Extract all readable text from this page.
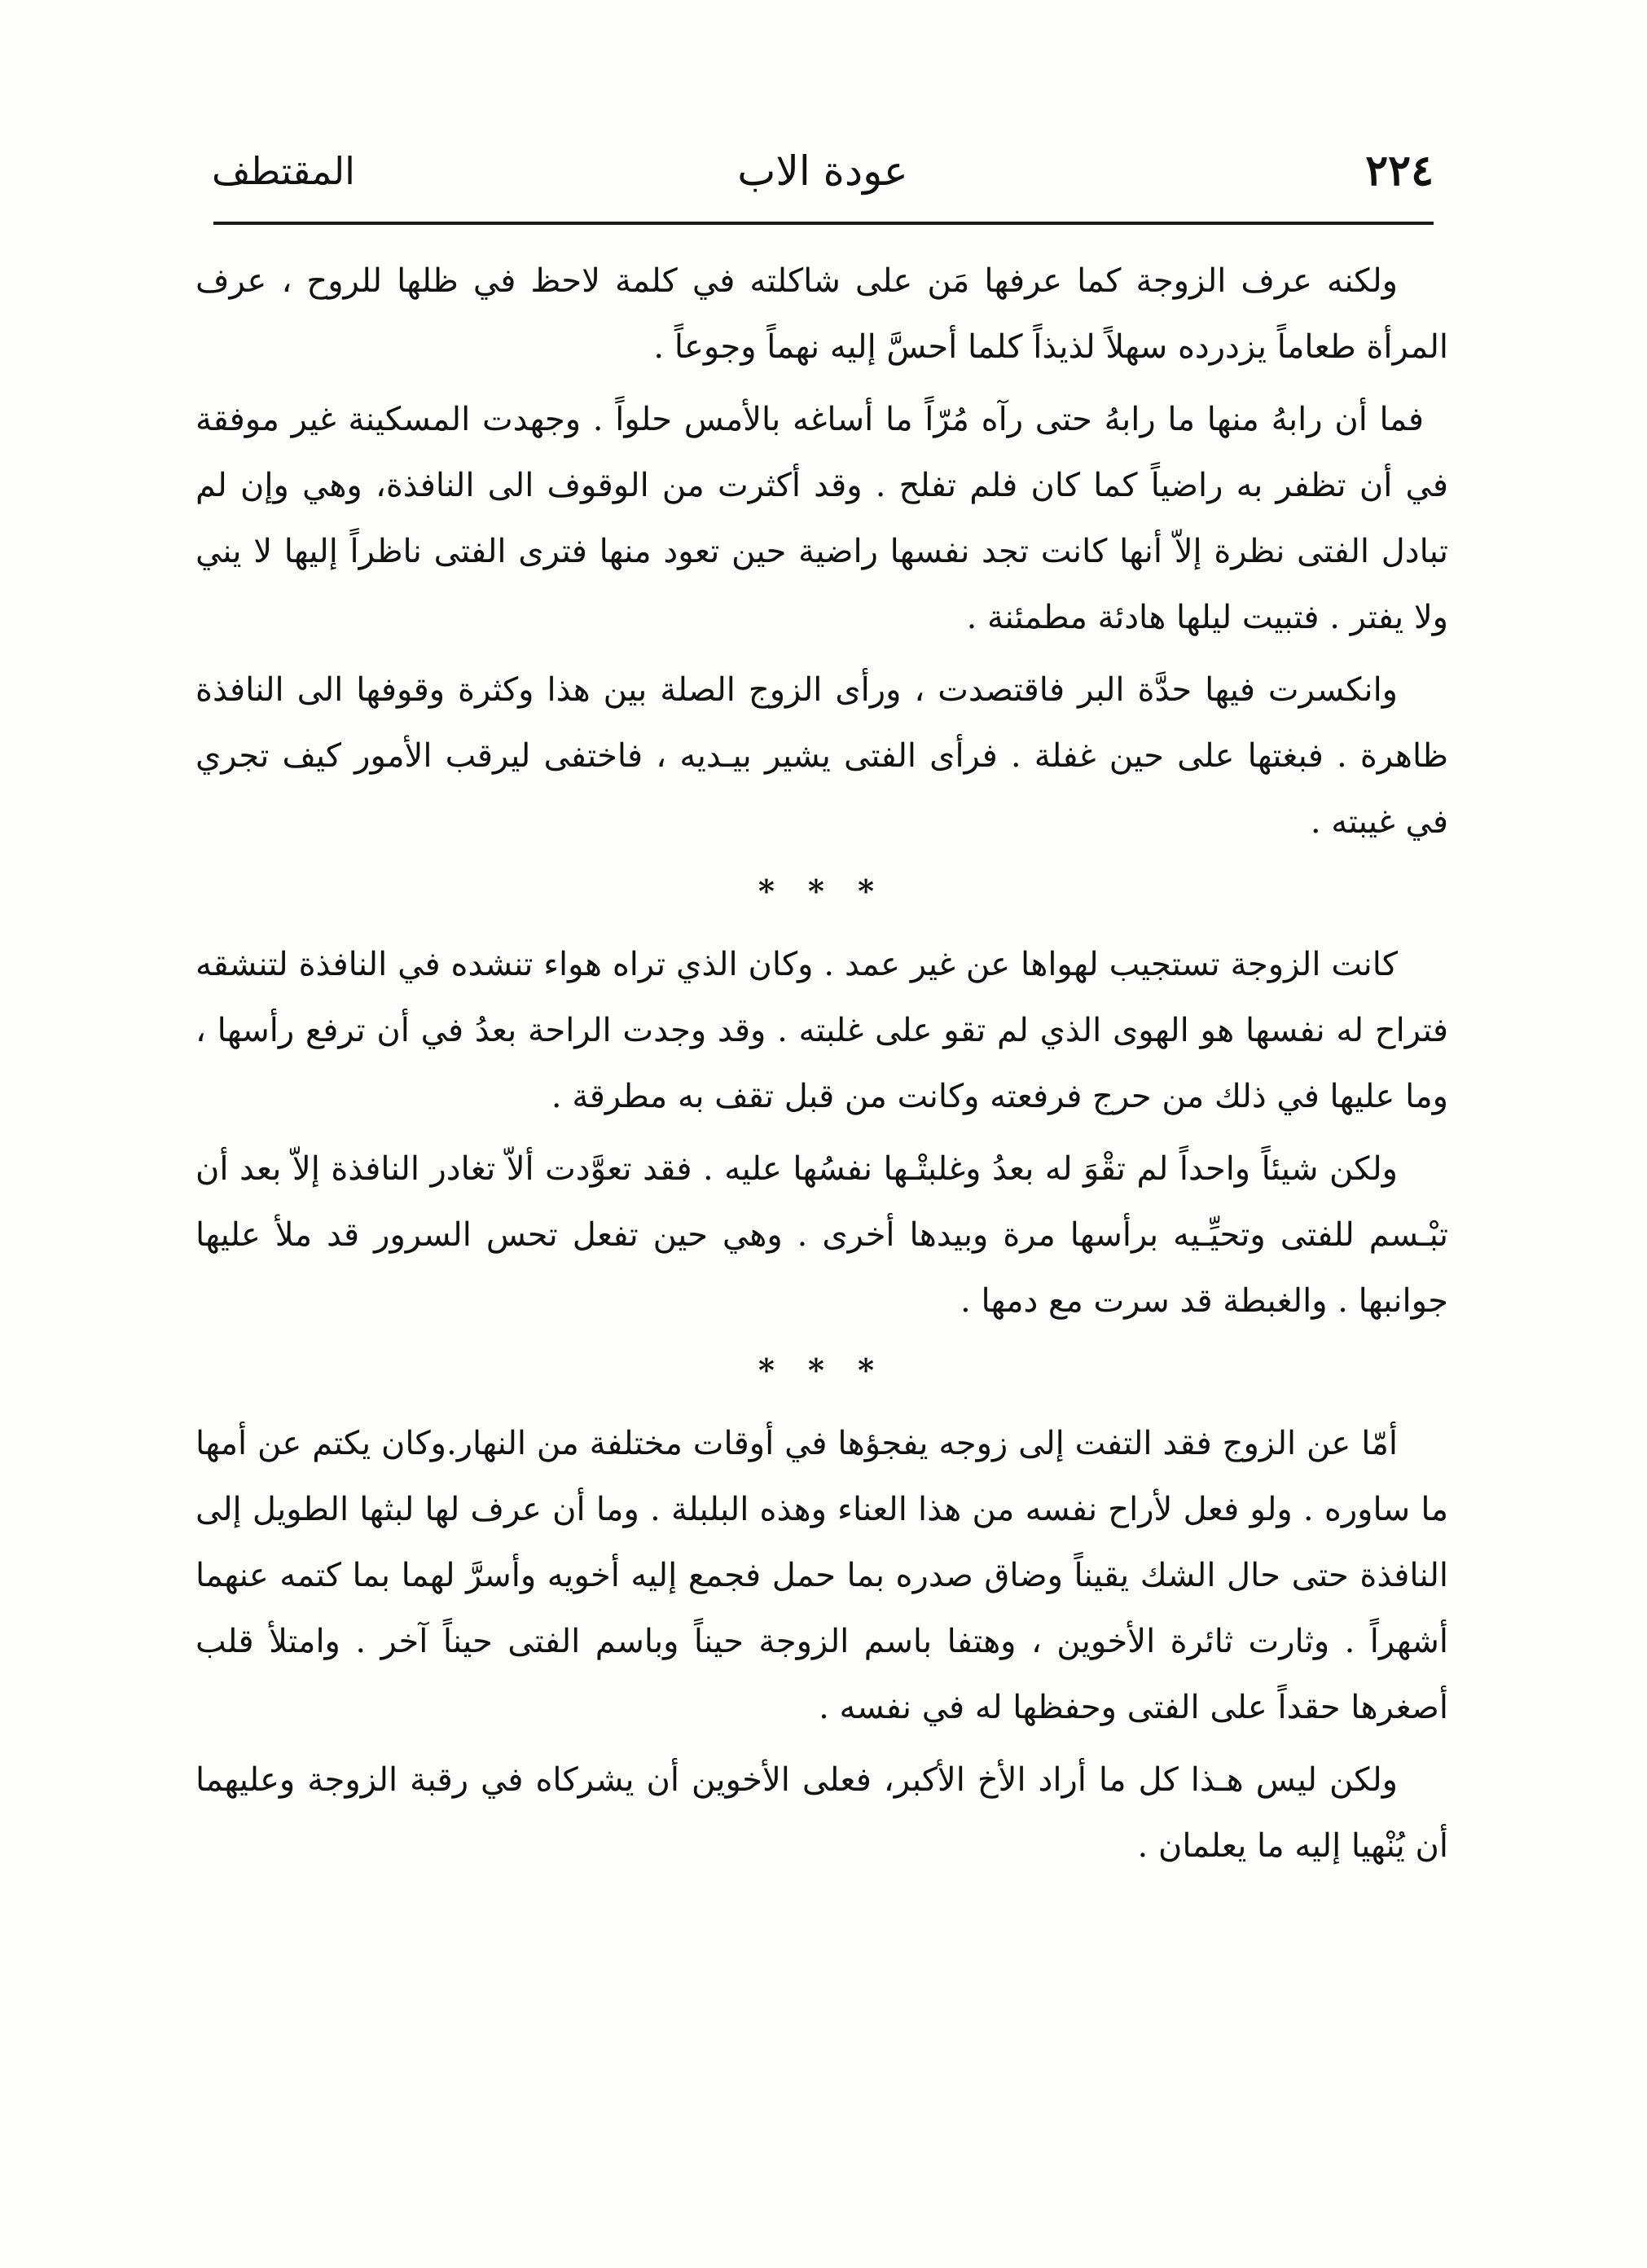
٢٢٤
عودة الاب
المقتطف

ولكنه عرف الزوجة كما عرفها مَن على شاكلته في كلمة لاحظ في ظلها للروح ، عرف المرأة طعاماً يزدرده سهلاً لذيذاً كلما أحسَّ إليه نهماً وجوعاً .

فما أن رابهُ منها ما رابهُ حتى رآه مُرّاً ما أساغه بالأمس حلواً . وجهدت المسكينة غير موفقة في أن تظفر به راضياً كما كان فلم تفلح . وقد أكثرت من الوقوف الى النافذة، وهي وإن لم تبادل الفتى نظرة إلاّ أنها كانت تجد نفسها راضية حين تعود منها فترى الفتى ناظراً إليها لا يني ولا يفتر . فتبيت ليلها هادئة مطمئنة .

وانكسرت فيها حدَّة البر فاقتصدت ، ورأى الزوج الصلة بين هذا وكثرة وقوفها الى النافذة ظاهرة . فبغتها على حين غفلة . فرأى الفتى يشير بيـديه ، فاختفى ليرقب الأمور كيف تجري في غيبته .

* * *

كانت الزوجة تستجيب لهواها عن غير عمد . وكان الذي تراه هواء تنشده في النافذة لتنشقه فتراح له نفسها هو الهوى الذي لم تقو على غلبته . وقد وجدت الراحة بعدُ في أن ترفع رأسها ، وما عليها في ذلك من حرج فرفعته وكانت من قبل تقف به مطرقة .

ولكن شيئاً واحداً لم تقْوَ له بعدُ وغلبتْـها نفسُها عليه . فقد تعوَّدت ألاّ تغادر النافذة إلاّ بعد أن تبْـسم للفتى وتحيِّـيه برأسها مرة وبيدها أخرى . وهي حين تفعل تحس السرور قد ملأ عليها جوانبها . والغبطة قد سرت مع دمها .

* * *

أمّا عن الزوج فقد التفت إلى زوجه يفجؤها في أوقات مختلفة من النهار.وكان يكتم عن أمها ما ساوره . ولو فعل لأراح نفسه من هذا العناء وهذه البلبلة . وما أن عرف لها لبثها الطويل إلى النافذة حتى حال الشك يقيناً وضاق صدره بما حمل فجمع إليه أخويه وأسرَّ لهما بما كتمه عنهما أشهراً . وثارت ثائرة الأخوين ، وهتفا باسم الزوجة حيناً وباسم الفتى حيناً آخر . وامتلأ قلب أصغرها حقداً على الفتى وحفظها له في نفسه .

ولكن ليس هـذا كل ما أراد الأخ الأكبر، فعلى الأخوين أن يشركاه في رقبة الزوجة وعليهما أن يُنْهيا إليه ما يعلمان .
